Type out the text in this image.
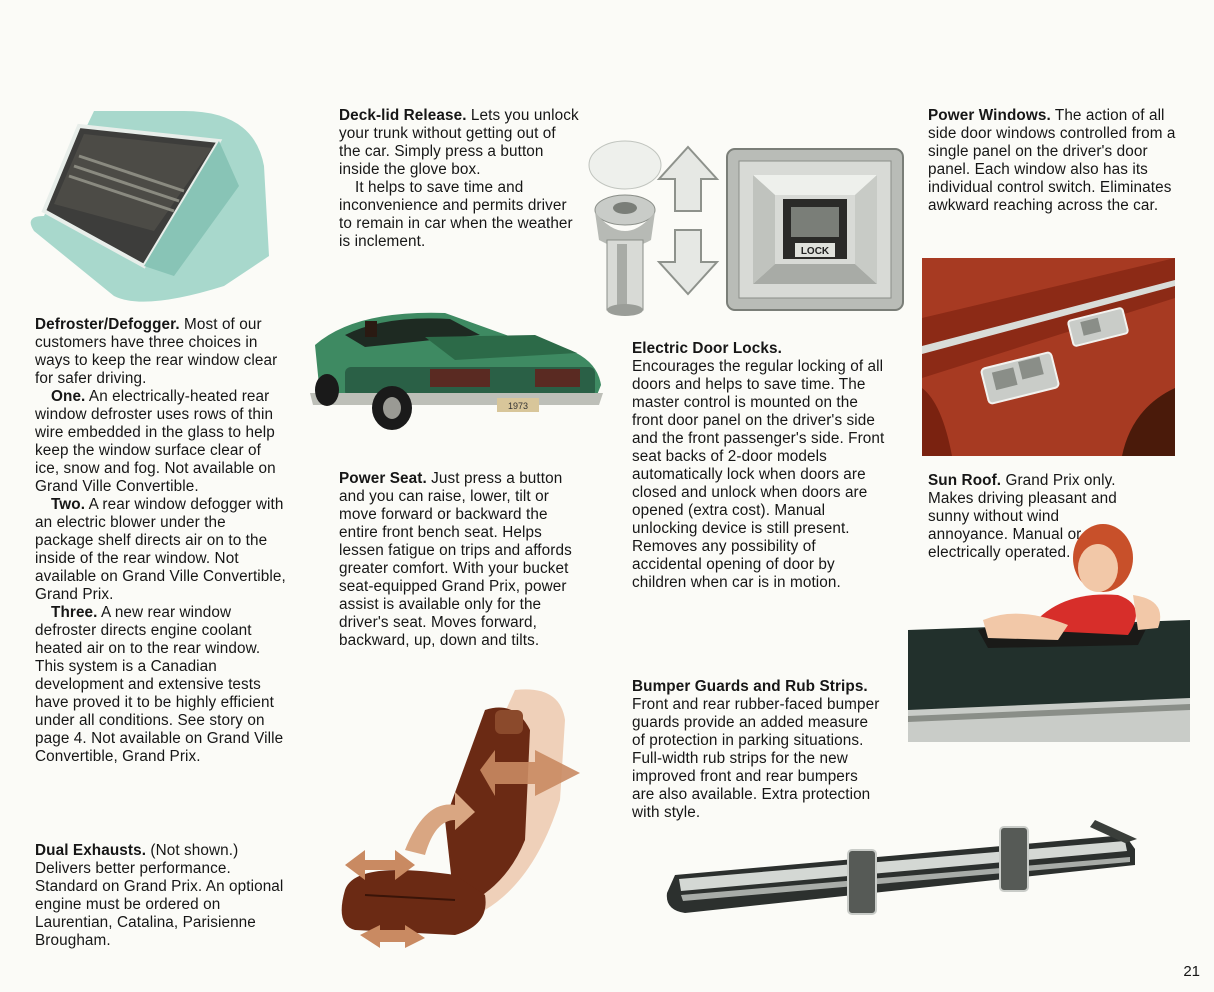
Defroster/Defogger. Most of our customers have three choices in ways to keep the rear window clear for safer driving.

One. An electrically-heated rear window defroster uses rows of thin wire embedded in the glass to help keep the window surface clear of ice, snow and fog. Not available on Grand Ville Convertible.

Two. A rear window defogger with an electric blower under the package shelf directs air on to the inside of the rear window. Not available on Grand Ville Convertible, Grand Prix.

Three. A new rear window defroster directs engine coolant heated air on to the rear window. This system is a Canadian development and extensive tests have proved it to be highly efficient under all conditions. See story on page 4. Not available on Grand Ville Convertible, Grand Prix.

Dual Exhausts. (Not shown.) Delivers better performance. Standard on Grand Prix. An optional engine must be ordered on Laurentian, Catalina, Parisienne Brougham.

Deck-lid Release. Lets you unlock your trunk without getting out of the car. Simply press a button inside the glove box.

It helps to save time and inconvenience and permits driver to remain in car when the weather is inclement.

1973

Power Seat. Just press a button and you can raise, lower, tilt or move forward or backward the entire front bench seat. Helps lessen fatigue on trips and affords greater comfort. With your bucket seat-equipped Grand Prix, power assist is available only for the driver's seat. Moves forward, backward, up, down and tilts.

LOCK

Electric Door Locks.

Encourages the regular locking of all doors and helps to save time. The master control is mounted on the front door panel on the driver's side and the front passenger's side. Front seat backs of 2-door models automatically lock when doors are closed and unlock when doors are opened (extra cost). Manual unlocking device is still present. Removes any possibility of accidental opening of door by children when car is in motion.

Bumper Guards and Rub Strips.

Front and rear rubber-faced bumper guards provide an added measure of protection in parking situations. Full-width rub strips for the new improved front and rear bumpers are also available. Extra protection with style.

Power Windows. The action of all side door windows controlled from a single panel on the driver's door panel. Each window also has its individual control switch. Eliminates awkward reaching across the car.

Sun Roof. Grand Prix only. Makes driving pleasant and sunny without wind annoyance. Manual or electrically operated.

21
